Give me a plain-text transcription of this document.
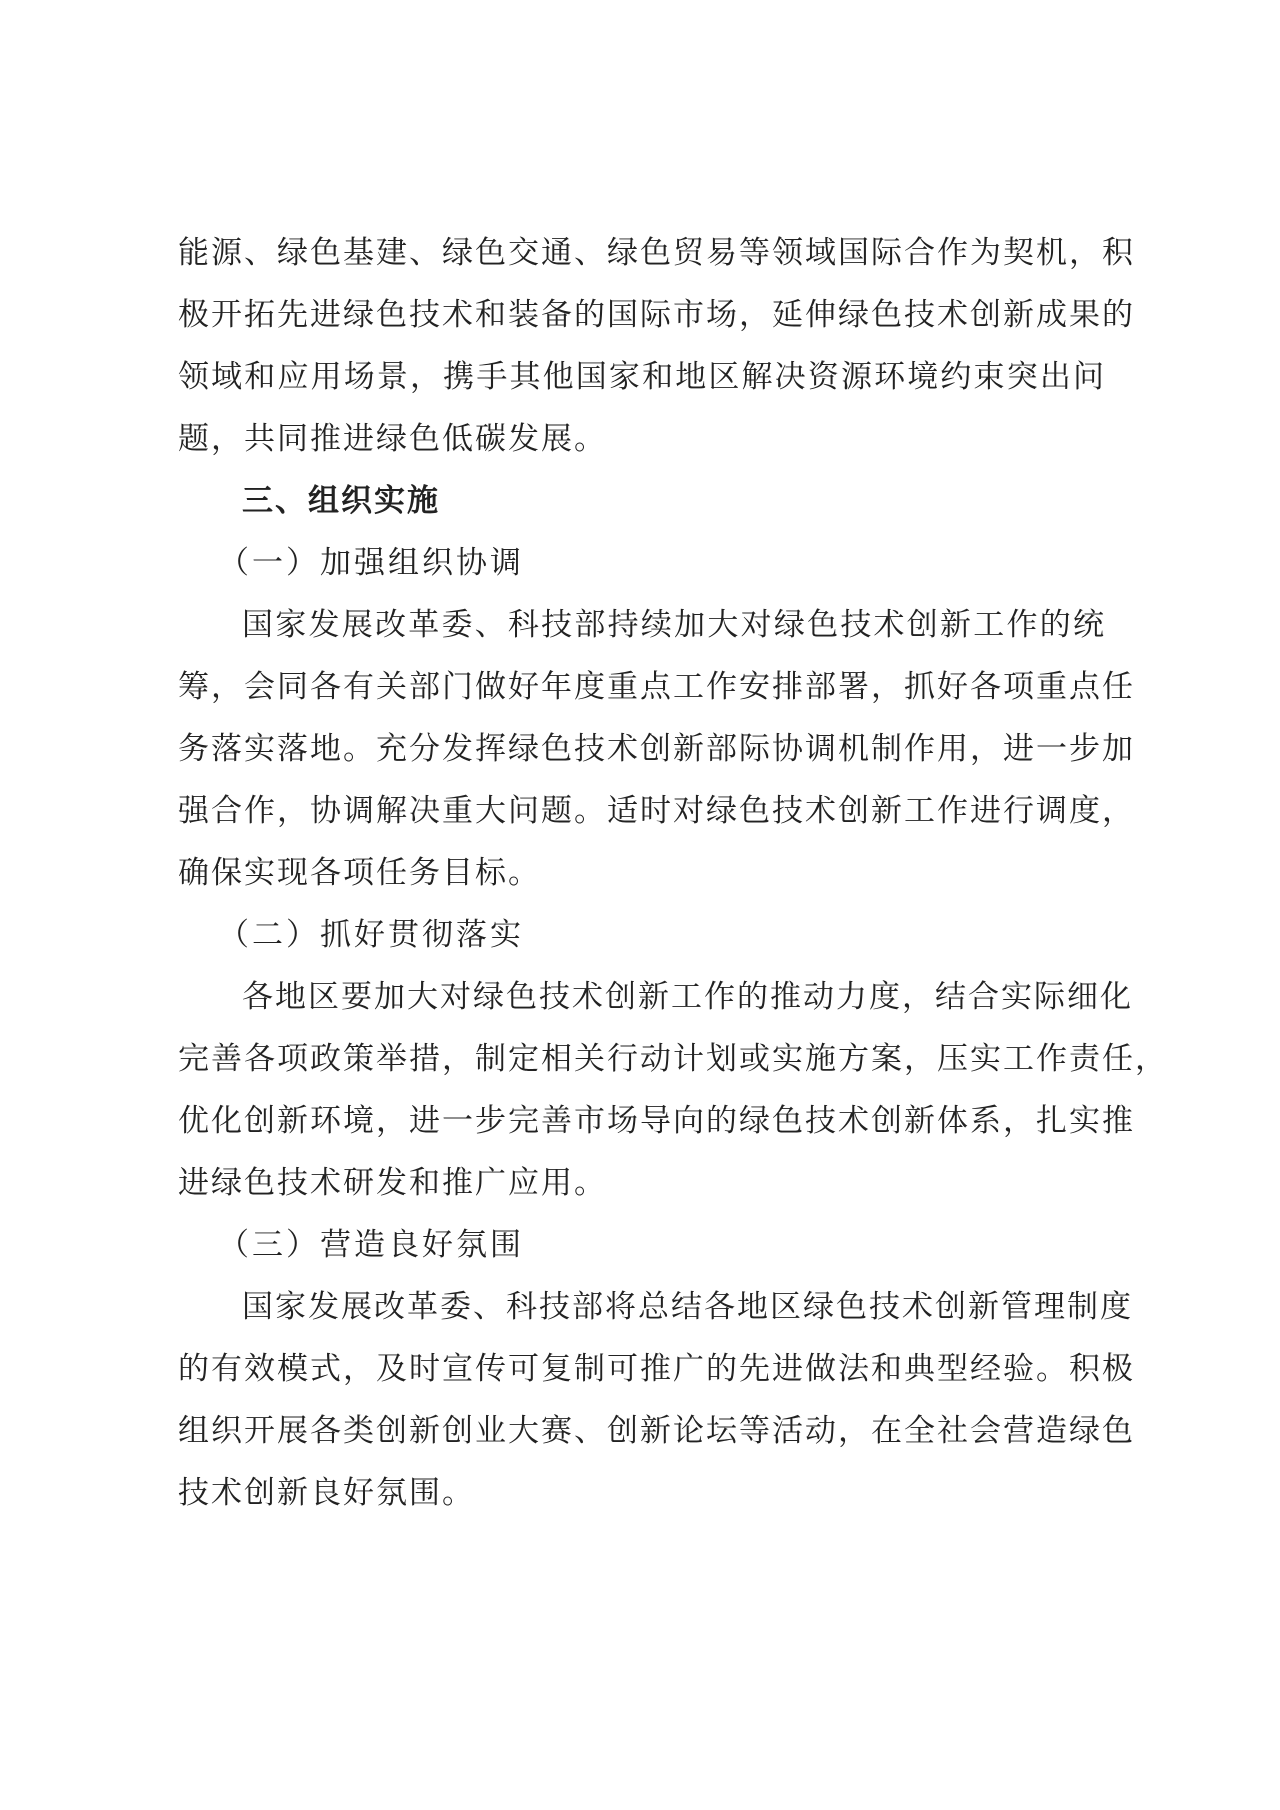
能源、绿色基建、绿色交通、绿色贸易等领域国际合作为契机，积
极开拓先进绿色技术和装备的国际市场，延伸绿色技术创新成果的
领域和应用场景，携手其他国家和地区解决资源环境约束突出问
题，共同推进绿色低碳发展。
三、组织实施
（一）加强组织协调
国家发展改革委、科技部持续加大对绿色技术创新工作的统
筹，会同各有关部门做好年度重点工作安排部署，抓好各项重点任
务落实落地。充分发挥绿色技术创新部际协调机制作用，进一步加
强合作，协调解决重大问题。适时对绿色技术创新工作进行调度，
确保实现各项任务目标。
（二）抓好贯彻落实
各地区要加大对绿色技术创新工作的推动力度，结合实际细化
完善各项政策举措，制定相关行动计划或实施方案，压实工作责任，
优化创新环境，进一步完善市场导向的绿色技术创新体系，扎实推
进绿色技术研发和推广应用。
（三）营造良好氛围
国家发展改革委、科技部将总结各地区绿色技术创新管理制度
的有效模式，及时宣传可复制可推广的先进做法和典型经验。积极
组织开展各类创新创业大赛、创新论坛等活动，在全社会营造绿色
技术创新良好氛围。
